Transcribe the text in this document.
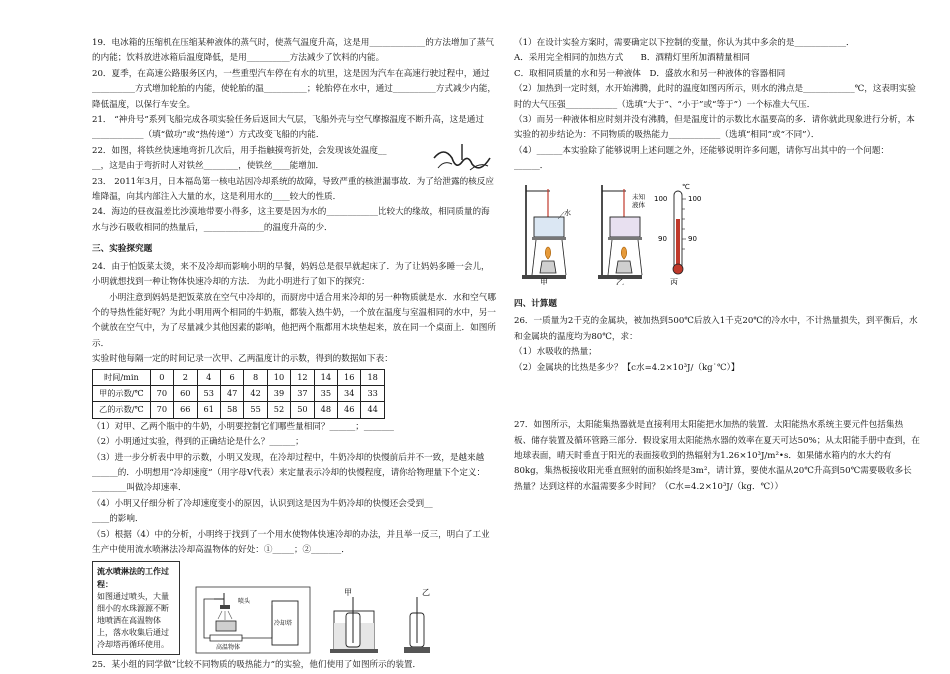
19．电冰箱的压缩机在压缩某种液体的蒸气时，使蒸气温度升高，这是用_____________的方法增加了蒸气的内能；饮料放进冰箱后温度降低，是用__________方法减少了饮料的内能。

20．夏季，在高速公路服务区内，一些重型汽车停在有水的坑里，这是因为汽车在高速行驶过程中，通过__________方式增加轮胎的内能，使轮胎的温__________；轮胎停在水中，通过__________方式减少内能，降低温度，以保行车安全。

21． “神舟号”系列飞船完成各项实验任务后返回大气层，飞船外壳与空气摩擦温度不断升高，这是通过____________（填“做功”或“热传递”）方式改变飞船的内能．

22．如图，将铁丝快速地弯折几次后，用手指触摸弯折处，会发现该处温度__

__，这是由于弯折时人对铁丝________，使铁丝____能增加．

23． 2011年3月，日本福岛第一核电站因冷却系统的故障，导致严重的核泄漏事故．为了给泄露的核反应堆降温，向其内部注入大量的水，这是利用水的____较大的性质．

24．海边的昼夜温差比沙漠地带要小得多，这主要是因为水的____________比较大的缘故，相同质量的海水与沙石吸收相同的热量后，______________的温度升高的少．

三、实验探究题

24．由于怕饭菜太烫，来不及冷却而影响小明的早餐，妈妈总是很早就起床了．为了让妈妈多睡一会儿，小明就想找到一种让物体快速冷却的方法． 为此小明进行了如下的探究：

小明注意到妈妈是把饭菜放在空气中冷却的，而厨房中适合用来冷却的另一种物质就是水．水和空气哪个的导热性能好呢？为此小明用两个相同的牛奶瓶，都装入热牛奶，一个放在温度与室温相同的水中，另一个就放在空气中，为了尽量减少其他因素的影响，他把两个瓶都用木块垫起来，放在同一个桌面上．如图所示．

实验时他每隔一定的时间记录一次甲、乙两温度计的示数，得到的数据如下表：

时间/min	0	2	4	6	8	10	12	14	16	18
甲的示数/℃	70	60	53	47	42	39	37	35	34	33
乙的示数/℃	70	66	61	58	55	52	50	48	46	44

（1）对甲、乙两个瓶中的牛奶，小明要控制它们哪些量相同？______；_______

（2）小明通过实验，得到的正确结论是什么？______；

（3）进一步分析表中甲的示数，小明又发现，在冷却过程中，牛奶冷却的快慢前后并不一致，是越来越______的．小明想用“冷却速度”（用字母V代表）来定量表示冷却的快慢程度，请你给物理量下个定义：________叫做冷却速率．

（4）小明又仔细分析了冷却速度变小的原因，认识到这是因为牛奶冷却的快慢还会受到__

____的影响．

（5）根据（4）中的分析，小明终于找到了一个用水使物体快速冷却的办法，并且举一反三，明白了工业生产中使用流水喷淋法冷却高温物体的好处：①_____；②_______．

流水喷淋法的工作过程：
如图通过喷头，大量细小的水珠源源不断地喷洒在高温物体上，落水收集后通过冷却塔再循环使用。
喷头
高温物体
冷却塔
甲	乙

25．某小组的同学做“比较不同物质的吸热能力”的实验，他们使用了如图所示的装置．

（1）在设计实验方案时，需要确定以下控制的变量，你认为其中多余的是____________．

A．采用完全相同的加热方式　　B．酒精灯里所加酒精量相同

C．取相同质量的水和另一种液体　D．盛放水和另一种液体的容器相同

（2）加热到一定时刻，水开始沸腾，此时的温度如图丙所示，则水的沸点是____________℃，这表明实验时的大气压强____________（选填“大于”、“小于”或“等于”）一个标准大气压．

（3）而另一种液体相应时刻并没有沸腾，但是温度计的示数比水温要高的多．请你就此现象进行分析，本实验的初步结论为：不同物质的吸热能力____________（选填“相同”或“不同”）．

（4）______本实验除了能够说明上述问题之外，还能够说明许多问题，请你写出其中的一个问题：______．

水
甲
未知
液体
乙
℃
100	100
90	90
丙

四、计算题

26．一质量为2千克的金属块，被加热到500℃后放入1千克20℃的冷水中，不计热量损失，到平衡后，水和金属块的温度均为80℃，求：

（1）水吸收的热量；

（2）金属块的比热是多少？【c水=4.2×10³J/（kg˙℃）】

27．如图所示，太阳能集热器就是直接利用太阳能把水加热的装置．太阳能热水系统主要元件包括集热板、储存装置及循环管路三部分．假设家用太阳能热水器的效率在夏天可达50%；从太阳能手册中查到，在地球表面，晴天时垂直于阳光的表面接收到的热辐射为1.26×10³J/m²•s．如果储水箱内的水大约有80kg，集热板接收阳光垂直照射的面积始终是3m²，请计算，要使水温从20℃升高到50℃需要吸收多长热量？达到这样的水温需要多少时间？（C水=4.2×10³J/（kg．℃））
